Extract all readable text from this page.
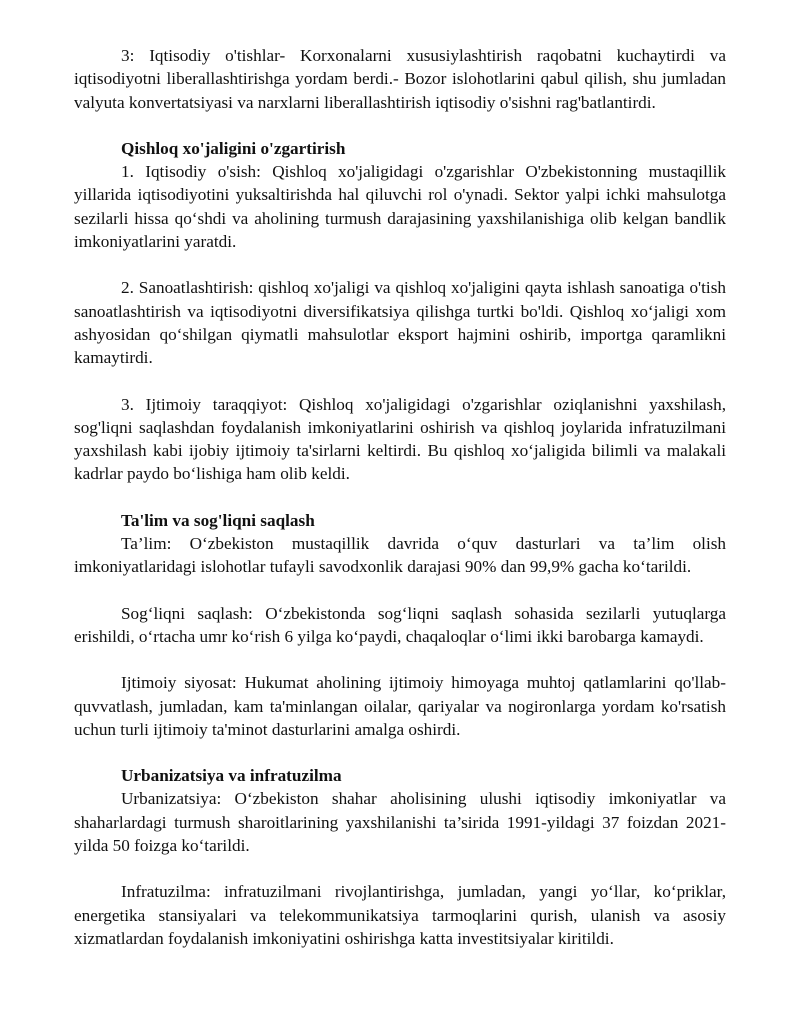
3: Iqtisodiy o'tishlar- Korxonalarni xususiylashtirish raqobatni kuchaytirdi va iqtisodiyotni liberallashtirishga yordam berdi.- Bozor islohotlarini qabul qilish, shu jumladan valyuta konvertatsiyasi va narxlarni liberallashtirish iqtisodiy o'sishni rag'batlantirdi.

Qishloq xo'jaligini o'zgartirish

1. Iqtisodiy o'sish: Qishloq xo'jaligidagi o'zgarishlar O'zbekistonning mustaqillik yillarida iqtisodiyotini yuksaltirishda hal qiluvchi rol o'ynadi. Sektor yalpi ichki mahsulotga sezilarli hissa qo‘shdi va aholining turmush darajasining yaxshilanishiga olib kelgan bandlik imkoniyatlarini yaratdi.

2. Sanoatlashtirish: qishloq xo'jaligi va qishloq xo'jaligini qayta ishlash sanoatiga o'tish sanoatlashtirish va iqtisodiyotni diversifikatsiya qilishga turtki bo'ldi. Qishloq xo‘jaligi xom ashyosidan qo‘shilgan qiymatli mahsulotlar eksport hajmini oshirib, importga qaramlikni kamaytirdi.

3. Ijtimoiy taraqqiyot: Qishloq xo'jaligidagi o'zgarishlar oziqlanishni yaxshilash, sog'liqni saqlashdan foydalanish imkoniyatlarini oshirish va qishloq joylarida infratuzilmani yaxshilash kabi ijobiy ijtimoiy ta'sirlarni keltirdi. Bu qishloq xo‘jaligida bilimli va malakali kadrlar paydo bo‘lishiga ham olib keldi.

Ta'lim va sog'liqni saqlash

Ta’lim: O‘zbekiston mustaqillik davrida o‘quv dasturlari va ta’lim olish imkoniyatlaridagi islohotlar tufayli savodxonlik darajasi 90% dan 99,9% gacha ko‘tarildi.

Sog‘liqni saqlash: O‘zbekistonda sog‘liqni saqlash sohasida sezilarli yutuqlarga erishildi, o‘rtacha umr ko‘rish 6 yilga ko‘paydi, chaqaloqlar o‘limi ikki barobarga kamaydi.

Ijtimoiy siyosat: Hukumat aholining ijtimoiy himoyaga muhtoj qatlamlarini qo'llab-quvvatlash, jumladan, kam ta'minlangan oilalar, qariyalar va nogironlarga yordam ko'rsatish uchun turli ijtimoiy ta'minot dasturlarini amalga oshirdi.

Urbanizatsiya va infratuzilma

Urbanizatsiya: O‘zbekiston shahar aholisining ulushi iqtisodiy imkoniyatlar va shaharlardagi turmush sharoitlarining yaxshilanishi ta’sirida 1991-yildagi 37 foizdan 2021-yilda 50 foizga ko‘tarildi.

Infratuzilma: infratuzilmani rivojlantirishga, jumladan, yangi yo‘llar, ko‘priklar, energetika stansiyalari va telekommunikatsiya tarmoqlarini qurish, ulanish va asosiy xizmatlardan foydalanish imkoniyatini oshirishga katta investitsiyalar kiritildi.
